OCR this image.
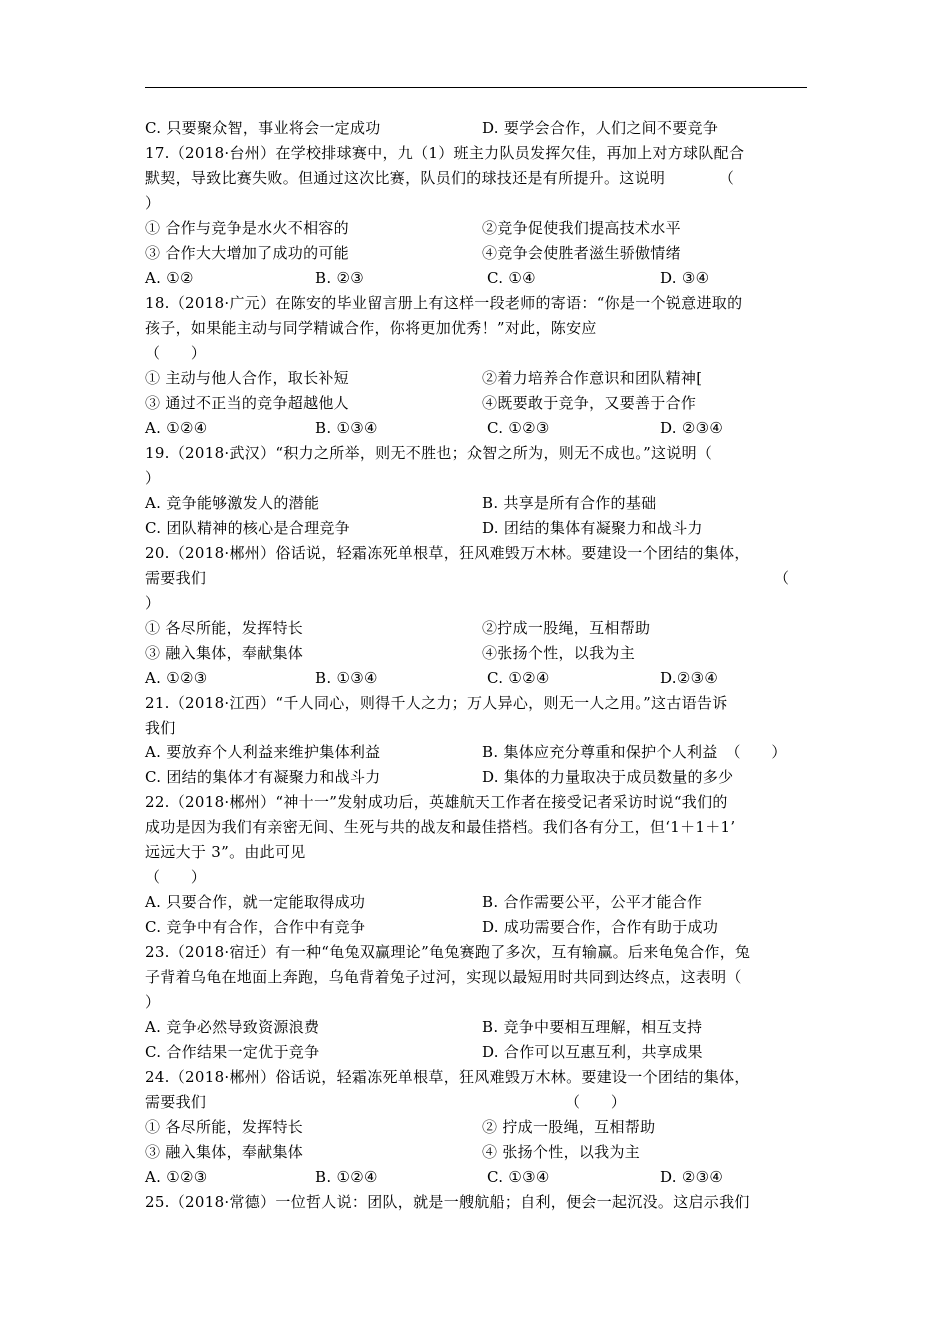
C. 只要聚众智，事业将会一定成功	D. 要学会合作，人们之间不要竞争
17.（2018·台州）在学校排球赛中，九（1）班主力队员发挥欠佳，再加上对方球队配合
默契，导致比赛失败。但通过这次比赛，队员们的球技还是有所提升。这说明　　　　（
）
① 合作与竞争是水火不相容的	②竞争促使我们提高技术水平
③ 合作大大增加了成功的可能	④竞争会使胜者滋生骄傲情绪
A. ①②	B. ②③	C. ①④	D. ③④
18.（2018·广元）在陈安的毕业留言册上有这样一段老师的寄语：“你是一个锐意进取的
孩子，如果能主动与同学精诚合作，你将更加优秀！”对此，陈安应
（　　）
① 主动与他人合作，取长补短	②着力培养合作意识和团队精神[
③ 通过不正当的竞争超越他人	④既要敢于竞争，又要善于合作
A. ①②④	B. ①③④	C. ①②③	D. ②③④
19.（2018·武汉）“积力之所举，则无不胜也；众智之所为，则无不成也。”这说明（
）
A. 竞争能够激发人的潜能	B. 共享是所有合作的基础
C. 团队精神的核心是合理竞争	D. 团结的集体有凝聚力和战斗力
20.（2018·郴州）俗话说，轻霜冻死单根草，狂风难毁万木林。要建设一个团结的集体，
需要我们	（
）
① 各尽所能，发挥特长	②拧成一股绳，互相帮助
③ 融入集体，奉献集体	④张扬个性，以我为主
A. ①②③	B. ①③④	C. ①②④	D.②③④
21.（2018·江西）“千人同心，则得千人之力；万人异心，则无一人之用。”这古语告诉
我们
A. 要放弃个人利益来维护集体利益	B. 集体应充分尊重和保护个人利益　（　　）
C. 团结的集体才有凝聚力和战斗力	D. 集体的力量取决于成员数量的多少
22.（2018·郴州）“神十一”发射成功后，英雄航天工作者在接受记者采访时说“我们的
成功是因为我们有亲密无间、生死与共的战友和最佳搭档。我们各有分工，但‘1＋1＋1’
远远大于 3”。由此可见
（　　）
A. 只要合作，就一定能取得成功	B. 合作需要公平，公平才能合作
C. 竞争中有合作，合作中有竞争	D. 成功需要合作，合作有助于成功
23.（2018·宿迁）有一种“龟兔双赢理论”龟兔赛跑了多次，互有输赢。后来龟兔合作，兔
子背着乌龟在地面上奔跑，乌龟背着兔子过河，实现以最短用时共同到达终点，这表明（
）
A. 竞争必然导致资源浪费	B. 竞争中要相互理解，相互支持
C. 合作结果一定优于竞争	D. 合作可以互惠互利，共享成果
24.（2018·郴州）俗话说，轻霜冻死单根草，狂风难毁万木林。要建设一个团结的集体，
需要我们	（　　）
① 各尽所能，发挥特长	② 拧成一股绳，互相帮助
③ 融入集体，奉献集体	④ 张扬个性，以我为主
A. ①②③	B. ①②④	C. ①③④	D. ②③④
25.（2018·常德）一位哲人说：团队，就是一艘航船；自利，便会一起沉没。这启示我们
